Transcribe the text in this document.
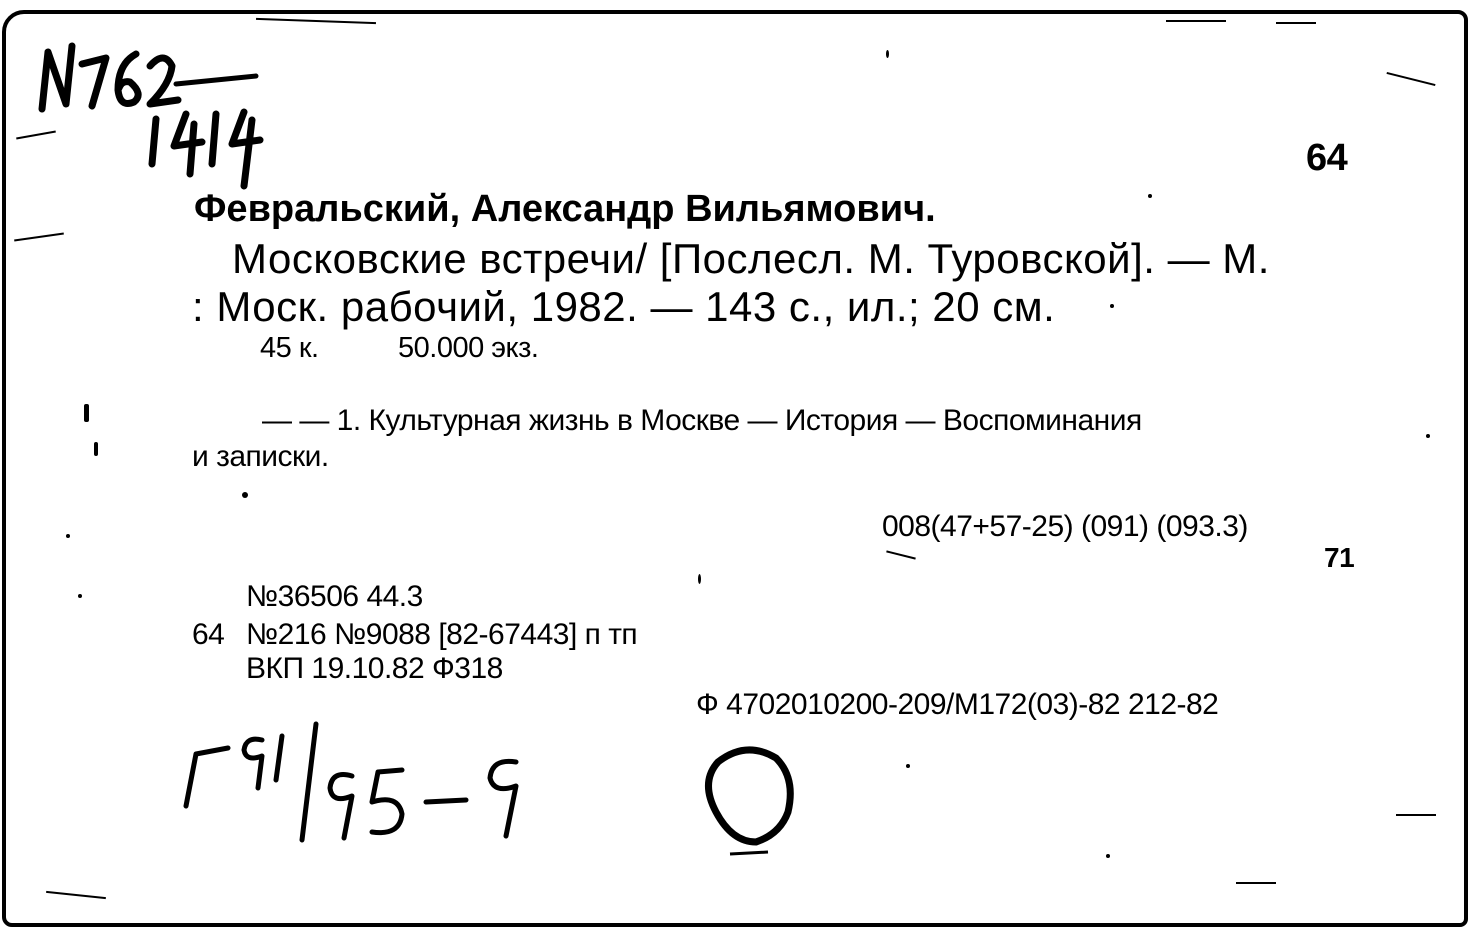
64
Февральский, Александр Вильямович.
Московские встречи/ [Послесл. М. Туровской]. — М.
: Моск. рабочий, 1982. — 143 с., ил.; 20 см.
45 к.	50.000 экз.
— — 1. Культурная жизнь в Москве — История — Воспоминания
и записки.
008(47+57-25) (091) (093.3)
71
№36506 44.3
64 №216 №9088 [82-67443] п тп
ВКП 19.10.82 Ф318
Ф 4702010200-209/М172(03)-82 212-82
